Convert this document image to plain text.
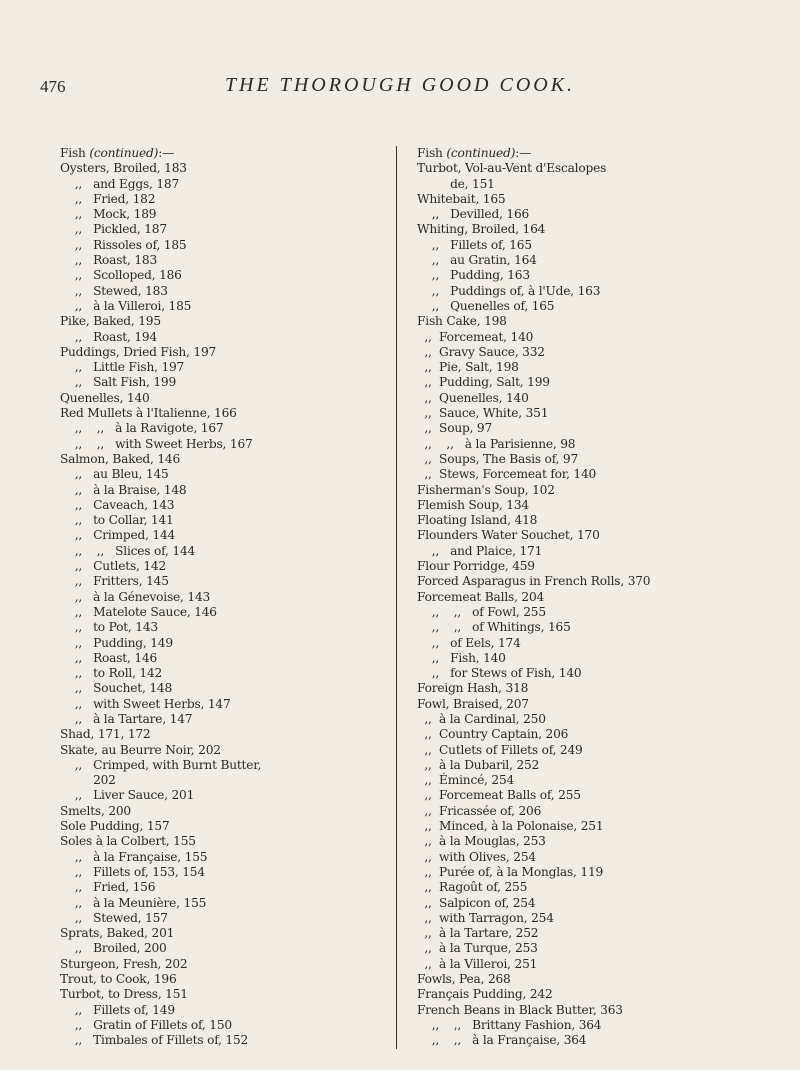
476	THE THOROUGH GOOD COOK.
Fish (continued):—
Oysters, Broiled, 183
,,   and Eggs, 187
,,   Fried, 182
,,   Mock, 189
,,   Pickled, 187
,,   Rissoles of, 185
,,   Roast, 183
,,   Scolloped, 186
,,   Stewed, 183
,,   à la Villeroi, 185
Pike, Baked, 195
,,   Roast, 194
Puddings, Dried Fish, 197
,,   Little Fish, 197
,,   Salt Fish, 199
Quenelles, 140
Red Mullets à l'Italienne, 166
,,    ,,   à la Ravigote, 167
,,    ,,   with Sweet Herbs, 167
Salmon, Baked, 146
,,   au Bleu, 145
,,   à la Braise, 148
,,   Caveach, 143
,,   to Collar, 141
,,   Crimped, 144
,,    ,,   Slices of, 144
,,   Cutlets, 142
,,   Fritters, 145
,,   à la Génevoise, 143
,,   Matelote Sauce, 146
,,   to Pot, 143
,,   Pudding, 149
,,   Roast, 146
,,   to Roll, 142
,,   Souchet, 148
,,   with Sweet Herbs, 147
,,   à la Tartare, 147
Shad, 171, 172
Skate, au Beurre Noir, 202
,,   Crimped, with Burnt Butter,
202
,,   Liver Sauce, 201
Smelts, 200
Sole Pudding, 157
Soles à la Colbert, 155
,,   à la Française, 155
,,   Fillets of, 153, 154
,,   Fried, 156
,,   à la Meunière, 155
,,   Stewed, 157
Sprats, Baked, 201
,,   Broiled, 200
Sturgeon, Fresh, 202
Trout, to Cook, 196
Turbot, to Dress, 151
,,   Fillets of, 149
,,   Gratin of Fillets of, 150
,,   Timbales of Fillets of, 152
Fish (continued):—
Turbot, Vol-au-Vent d'Escalopes
de, 151
Whitebait, 165
,,   Devilled, 166
Whiting, Broiled, 164
,,   Fillets of, 165
,,   au Gratin, 164
,,   Pudding, 163
,,   Puddings of, à l'Ude, 163
,,   Quenelles of, 165
Fish Cake, 198
,,  Forcemeat, 140
,,  Gravy Sauce, 332
,,  Pie, Salt, 198
,,  Pudding, Salt, 199
,,  Quenelles, 140
,,  Sauce, White, 351
,,  Soup, 97
,,    ,,   à la Parisienne, 98
,,  Soups, The Basis of, 97
,,  Stews, Forcemeat for, 140
Fisherman's Soup, 102
Flemish Soup, 134
Floating Island, 418
Flounders Water Souchet, 170
,,   and Plaice, 171
Flour Porridge, 459
Forced Asparagus in French Rolls, 370
Forcemeat Balls, 204
,,    ,,   of Fowl, 255
,,    ,,   of Whitings, 165
,,   of Eels, 174
,,   Fish, 140
,,   for Stews of Fish, 140
Foreign Hash, 318
Fowl, Braised, 207
,,  à la Cardinal, 250
,,  Country Captain, 206
,,  Cutlets of Fillets of, 249
,,  à la Dubaril, 252
,,  Émincé, 254
,,  Forcemeat Balls of, 255
,,  Fricassée of, 206
,,  Minced, à la Polonaise, 251
,,  à la Mouglas, 253
,,  with Olives, 254
,,  Purée of, à la Monglas, 119
,,  Ragoût of, 255
,,  Salpicon of, 254
,,  with Tarragon, 254
,,  à la Tartare, 252
,,  à la Turque, 253
,,  à la Villeroi, 251
Fowls, Pea, 268
Français Pudding, 242
French Beans in Black Butter, 363
,,    ,,   Brittany Fashion, 364
,,    ,,   à la Française, 364
